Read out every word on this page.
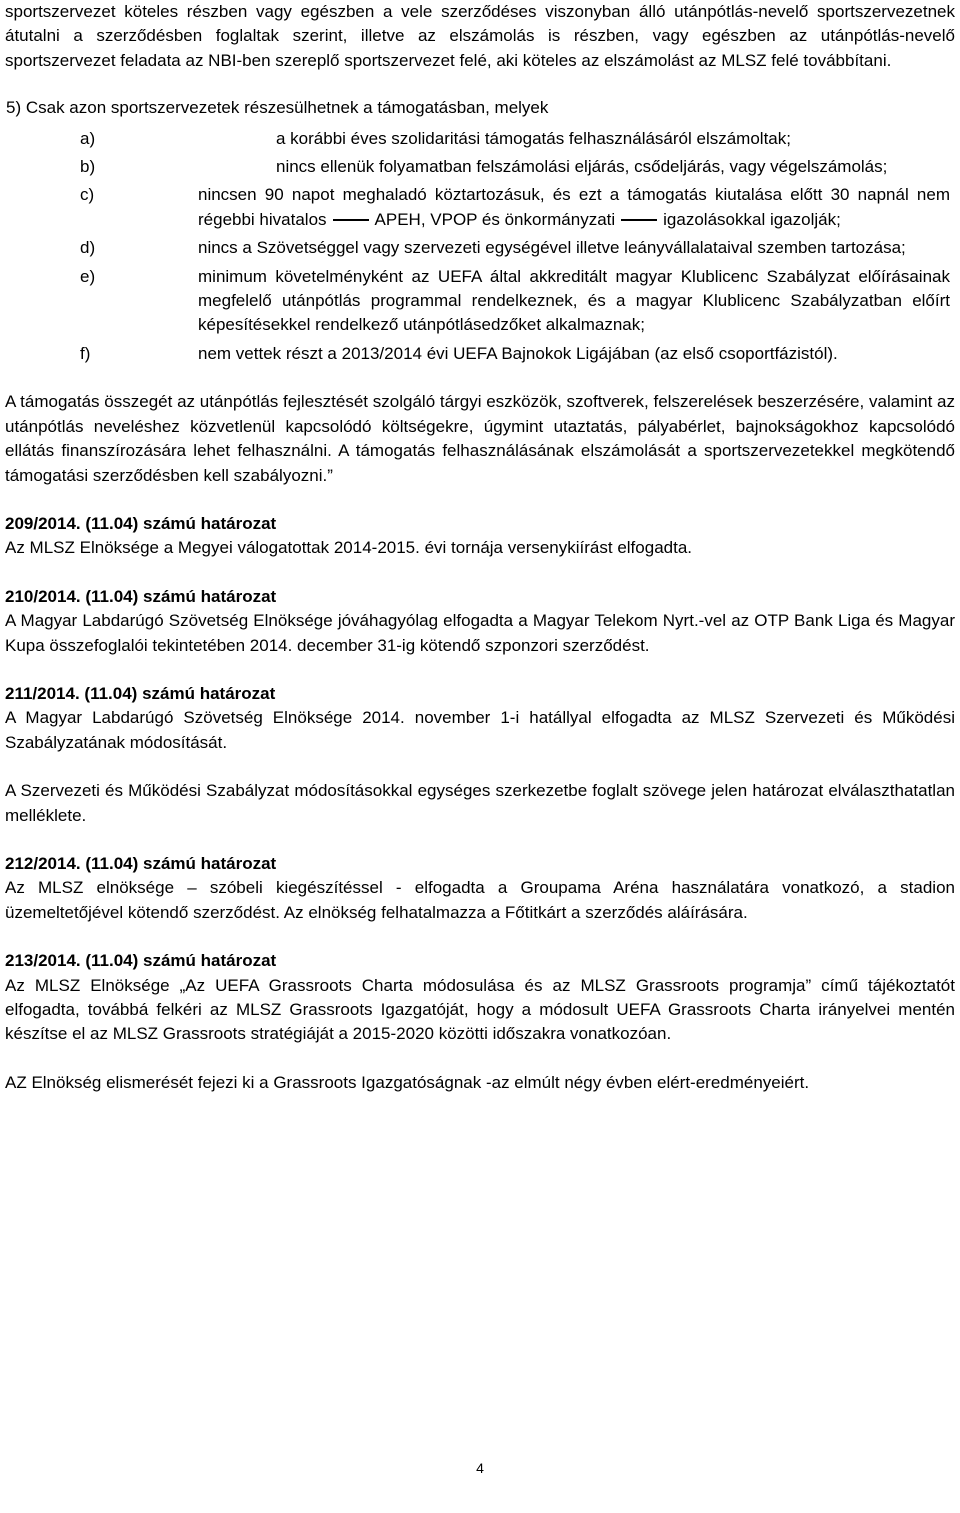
sportszervezet köteles részben vagy egészben a vele szerződéses viszonyban álló utánpótlás-nevelő sportszervezetnek átutalni a szerződésben foglaltak szerint, illetve az elszámolás is részben, vagy egészben az utánpótlás-nevelő sportszervezet feladata az NBI-ben szereplő sportszervezet felé, aki köteles az elszámolást az MLSZ felé továbbítani.

5) Csak azon sportszervezetek részesülhetnek a támogatásban, melyek

a)	a korábbi éves szolidaritási támogatás felhasználásáról elszámoltak;
b)	nincs ellenük folyamatban felszámolási eljárás, csődeljárás, vagy végelszámolás;
c)	nincsen 90 napot meghaladó köztartozásuk, és ezt a támogatás kiutalása előtt 30 napnál nem régebbi hivatalos	APEH, VPOP és önkormányzati	igazolásokkal igazolják;
d)	nincs a Szövetséggel vagy szervezeti egységével illetve leányvállalataival szemben tartozása;
e)	minimum követelményként az UEFA által akkreditált magyar Klublicenc Szabályzat előírásainak megfelelő utánpótlás programmal rendelkeznek, és a magyar Klublicenc Szabályzatban előírt képesítésekkel rendelkező utánpótlásedzőket alkalmaznak;
f)	nem vettek részt a 2013/2014 évi UEFA Bajnokok Ligájában (az első csoportfázistól).

A támogatás összegét az utánpótlás fejlesztését szolgáló tárgyi eszközök, szoftverek, felszerelések beszerzésére, valamint az utánpótlás neveléshez közvetlenül kapcsolódó költségekre, úgymint utaztatás, pályabérlet, bajnokságokhoz kapcsolódó ellátás finanszírozására lehet felhasználni. A támogatás felhasználásának elszámolását a sportszervezetekkel megkötendő támogatási szerződésben kell szabályozni.”

209/2014. (11.04) számú határozat

Az MLSZ Elnöksége a Megyei válogatottak 2014-2015. évi tornája versenykiírást elfogadta.

210/2014. (11.04) számú határozat

A Magyar Labdarúgó Szövetség Elnöksége jóváhagyólag elfogadta a Magyar Telekom Nyrt.-vel az OTP Bank Liga és Magyar Kupa összefoglalói tekintetében 2014. december 31-ig kötendő szponzori szerződést.

211/2014. (11.04) számú határozat

A Magyar Labdarúgó Szövetség Elnöksége 2014. november 1-i hatállyal elfogadta az MLSZ Szervezeti és Működési Szabályzatának módosítását.

A Szervezeti és Működési Szabályzat módosításokkal egységes szerkezetbe foglalt szövege jelen határozat elválaszthatatlan melléklete.

212/2014. (11.04) számú határozat

Az MLSZ elnöksége – szóbeli kiegészítéssel - elfogadta a Groupama Aréna használatára vonatkozó, a stadion üzemeltetőjével kötendő szerződést. Az elnökség felhatalmazza a Főtitkárt a szerződés aláírására.

213/2014. (11.04) számú határozat

Az MLSZ Elnöksége „Az UEFA Grassroots Charta módosulása és az MLSZ Grassroots programja” című tájékoztatót elfogadta, továbbá felkéri az MLSZ Grassroots Igazgatóját, hogy a módosult UEFA Grassroots Charta irányelvei mentén készítse el az MLSZ Grassroots stratégiáját a 2015-2020 közötti időszakra vonatkozóan.

AZ Elnökség elismerését fejezi ki a Grassroots Igazgatóságnak -az elmúlt négy évben elért-eredményeiért.

4
